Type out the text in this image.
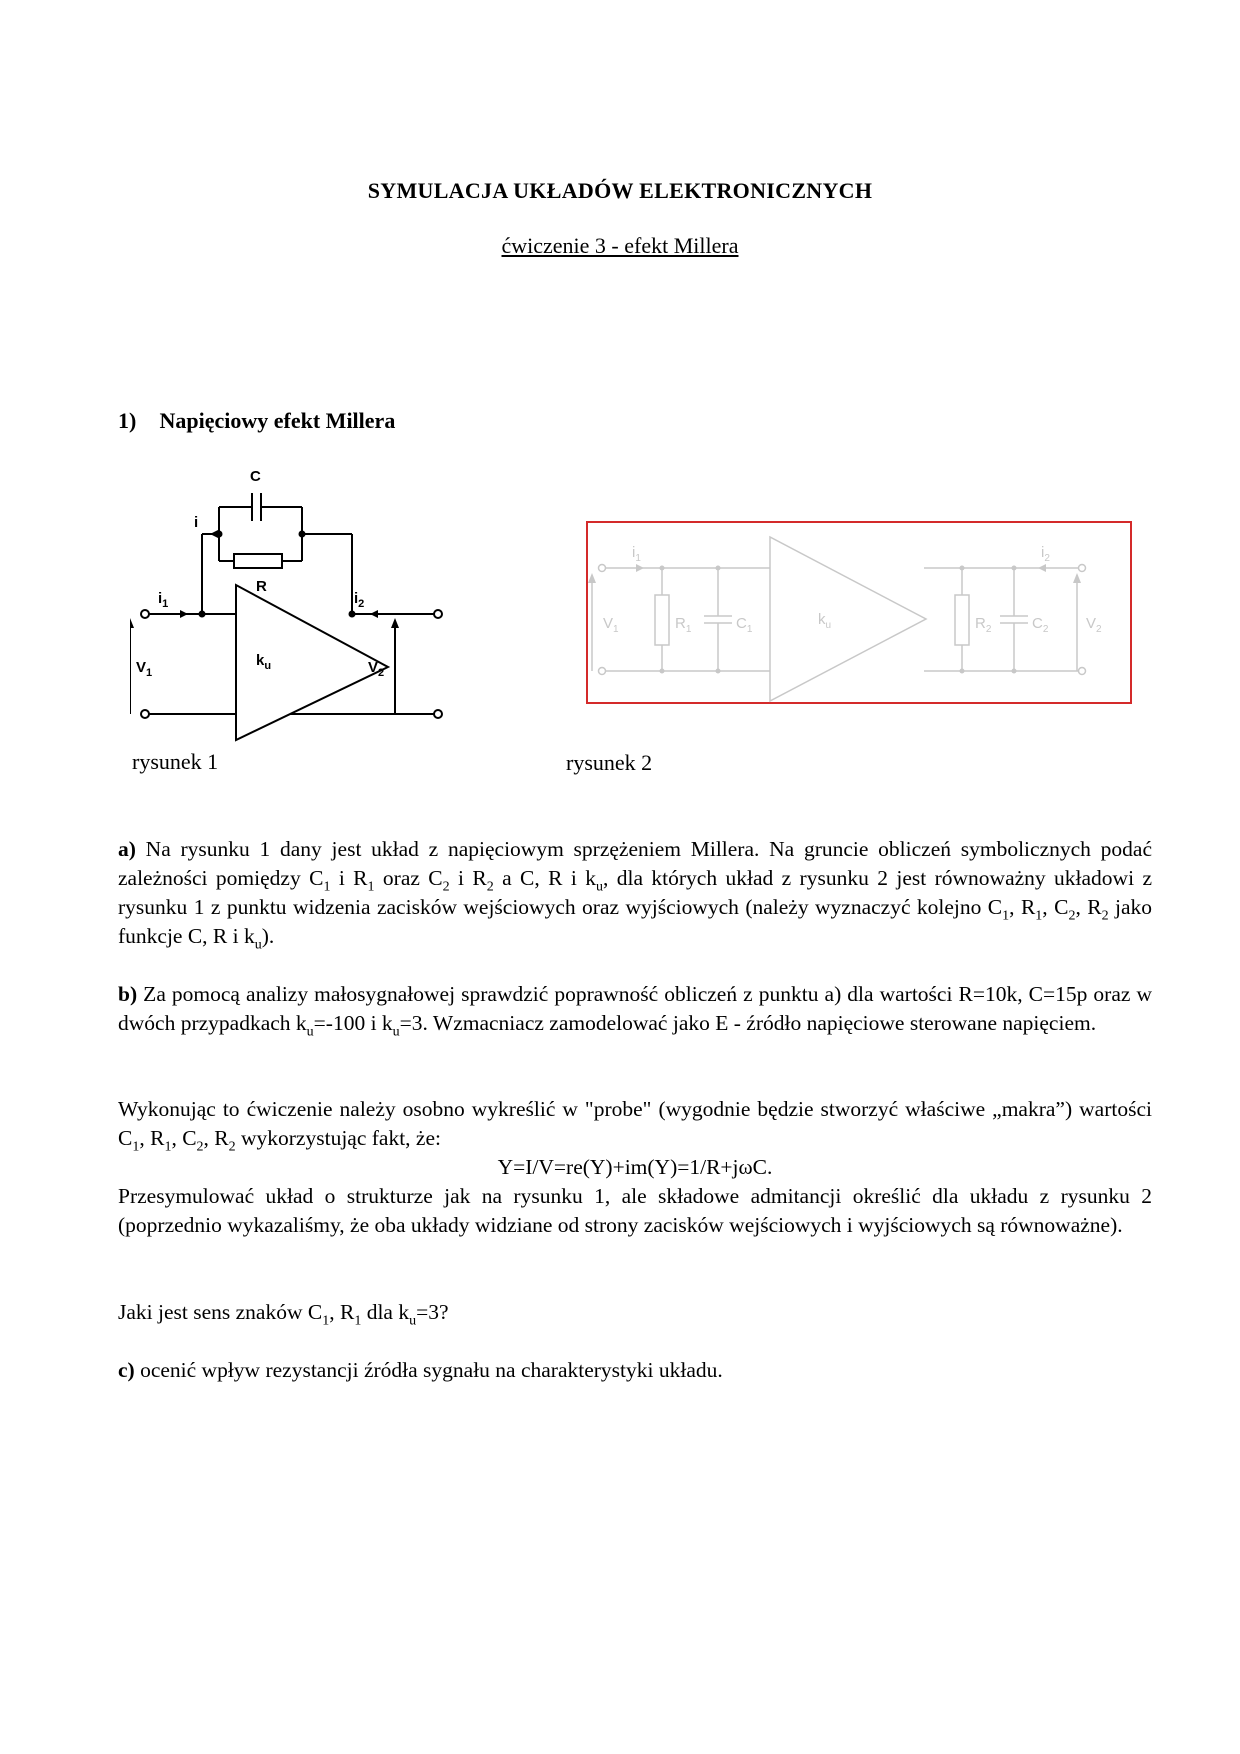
SYMULACJA UKŁADÓW ELEKTRONICZNYCH
ćwiczenie 3 - efekt Millera
1) Napięciowy efekt Millera
C
i
R
$i_1$	$i_2$
$V_1$	$V_2$
$k_u$
rysunek 1
$i_1$	$i_2$
$V_1$	$R_1$	$C_1$
$k_u$	$R_2$	$C_2$	$V_2$
rysunek 2
a) Na rysunku 1 dany jest układ z napięciowym sprzężeniem Millera. Na gruncie obliczeń symbolicznych podać zależności pomiędzy $C_1$ i $R_1$ oraz $C_2$ i $R_2$ a C, R i $k_u$, dla których układ z rysunku 2 jest równoważny układowi z rysunku 1 z punktu widzenia zacisków wejściowych oraz wyjściowych (należy wyznaczyć kolejno $C_1$, $R_1$, $C_2$, $R_2$ jako funkcje C, R i $k_u$).
b) Za pomocą analizy małosygnałowej sprawdzić poprawność obliczeń z punktu a) dla wartości R=10k, C=15p oraz w dwóch przypadkach $k_u=-100$ i $k_u=3$. Wzmacniacz zamodelować jako E - źródło napięciowe sterowane napięciem.
Wykonując to ćwiczenie należy osobno wykreślić w "probe" (wygodnie będzie stworzyć właściwe „makra”) wartości $C_1$, $R_1$, $C_2$, $R_2$ wykorzystując fakt, że:
Y=I/V=re(Y)+im(Y)=1/R+jωC.
Przesymulować układ o strukturze jak na rysunku 1, ale składowe admitancji określić dla układu z rysunku 2 (poprzednio wykazaliśmy, że oba układy widziane od strony zacisków wejściowych i wyjściowych są równoważne).
Jaki jest sens znaków $C_1$, $R_1$ dla $k_u=3$?
c) ocenić wpływ rezystancji źródła sygnału na charakterystyki układu.
